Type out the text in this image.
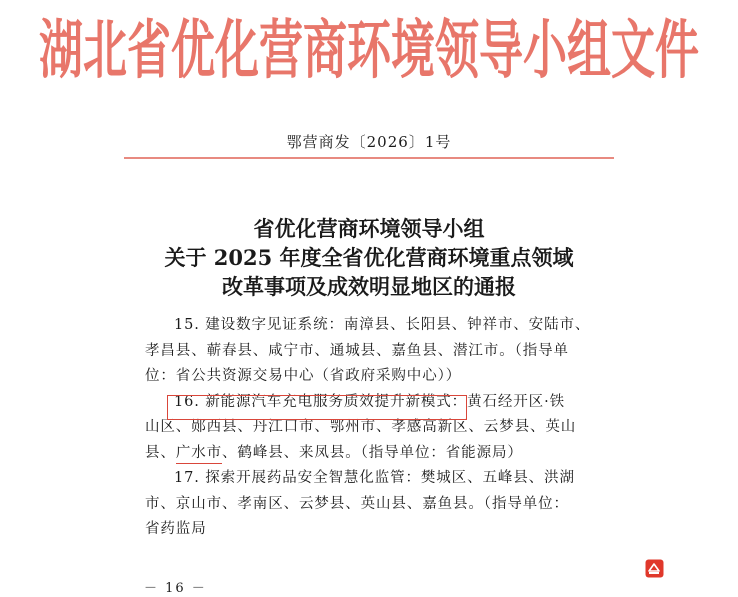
湖北省优化营商环境领导小组文件
鄂营商发〔2026〕1号
省优化营商环境领导小组
关于 2025 年度全省优化营商环境重点领域
改革事项及成效明显地区的通报
15. 建设数字见证系统：南漳县、长阳县、钟祥市、安陆市、
孝昌县、蕲春县、咸宁市、通城县、嘉鱼县、潜江市。（指导单
位：省公共资源交易中心（省政府采购中心））
16. 新能源汽车充电服务质效提升新模式：黄石经开区·铁
山区、郧西县、丹江口市、鄂州市、孝感高新区、云梦县、英山
县、广水市、鹤峰县、来凤县。（指导单位：省能源局）
17. 探索开展药品安全智慧化监管：樊城区、五峰县、洪湖
市、京山市、孝南区、云梦县、英山县、嘉鱼县。（指导单位：
省药监局
－ 16 －
